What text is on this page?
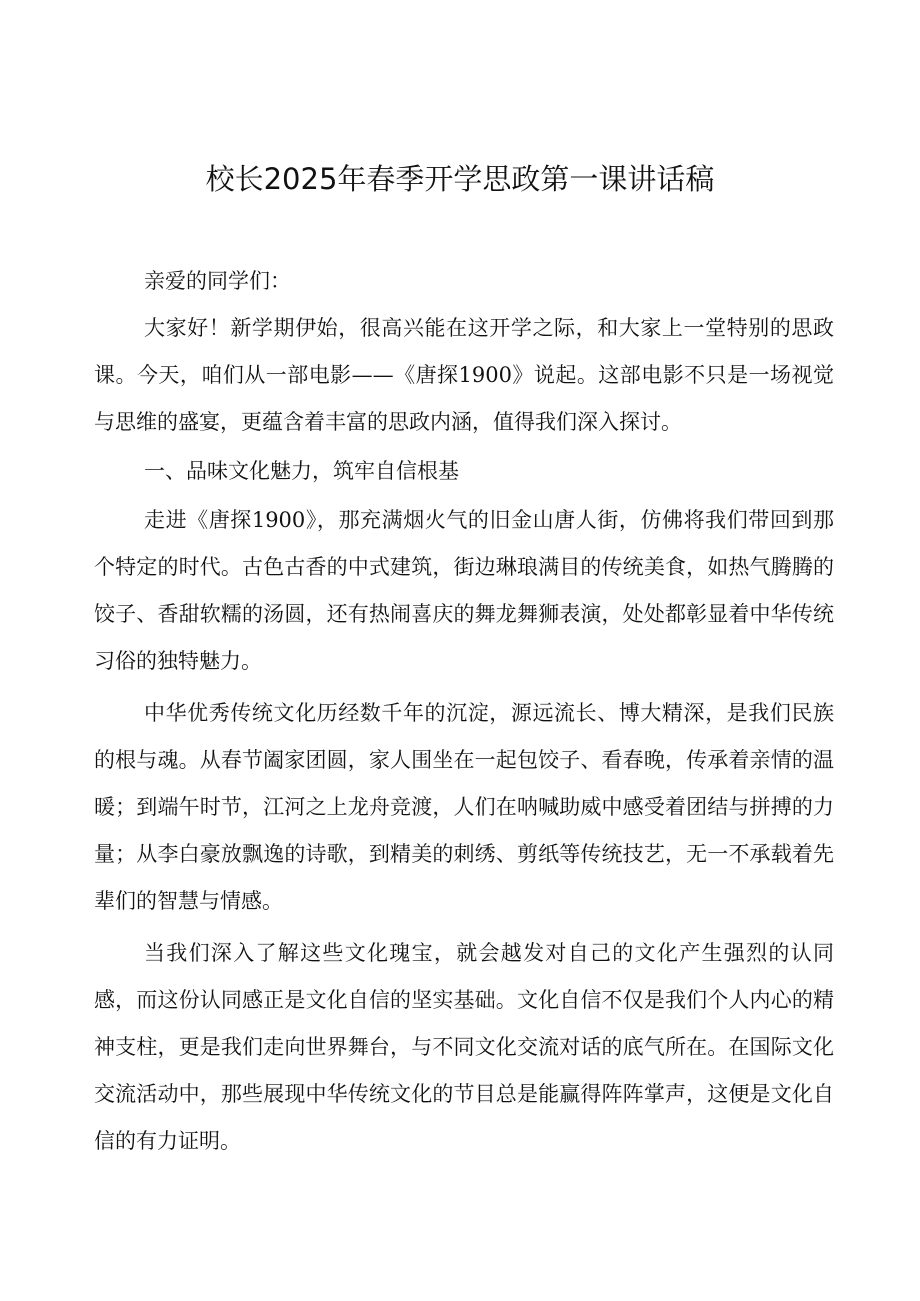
校长2025年春季开学思政第一课讲话稿

亲爱的同学们：

大家好！新学期伊始，很高兴能在这开学之际，和大家上一堂特别的思政课。今天，咱们从一部电影——《唐探1900》说起。这部电影不只是一场视觉与思维的盛宴，更蕴含着丰富的思政内涵，值得我们深入探讨。

一、品味文化魅力，筑牢自信根基

走进《唐探1900》，那充满烟火气的旧金山唐人街，仿佛将我们带回到那个特定的时代。古色古香的中式建筑，街边琳琅满目的传统美食，如热气腾腾的饺子、香甜软糯的汤圆，还有热闹喜庆的舞龙舞狮表演，处处都彰显着中华传统习俗的独特魅力。

中华优秀传统文化历经数千年的沉淀，源远流长、博大精深，是我们民族的根与魂。从春节阖家团圆，家人围坐在一起包饺子、看春晚，传承着亲情的温暖；到端午时节，江河之上龙舟竞渡，人们在呐喊助威中感受着团结与拼搏的力量；从李白豪放飘逸的诗歌，到精美的刺绣、剪纸等传统技艺，无一不承载着先辈们的智慧与情感。

当我们深入了解这些文化瑰宝，就会越发对自己的文化产生强烈的认同感，而这份认同感正是文化自信的坚实基础。文化自信不仅是我们个人内心的精神支柱，更是我们走向世界舞台，与不同文化交流对话的底气所在。在国际文化交流活动中，那些展现中华传统文化的节目总是能赢得阵阵掌声，这便是文化自信的有力证明。
